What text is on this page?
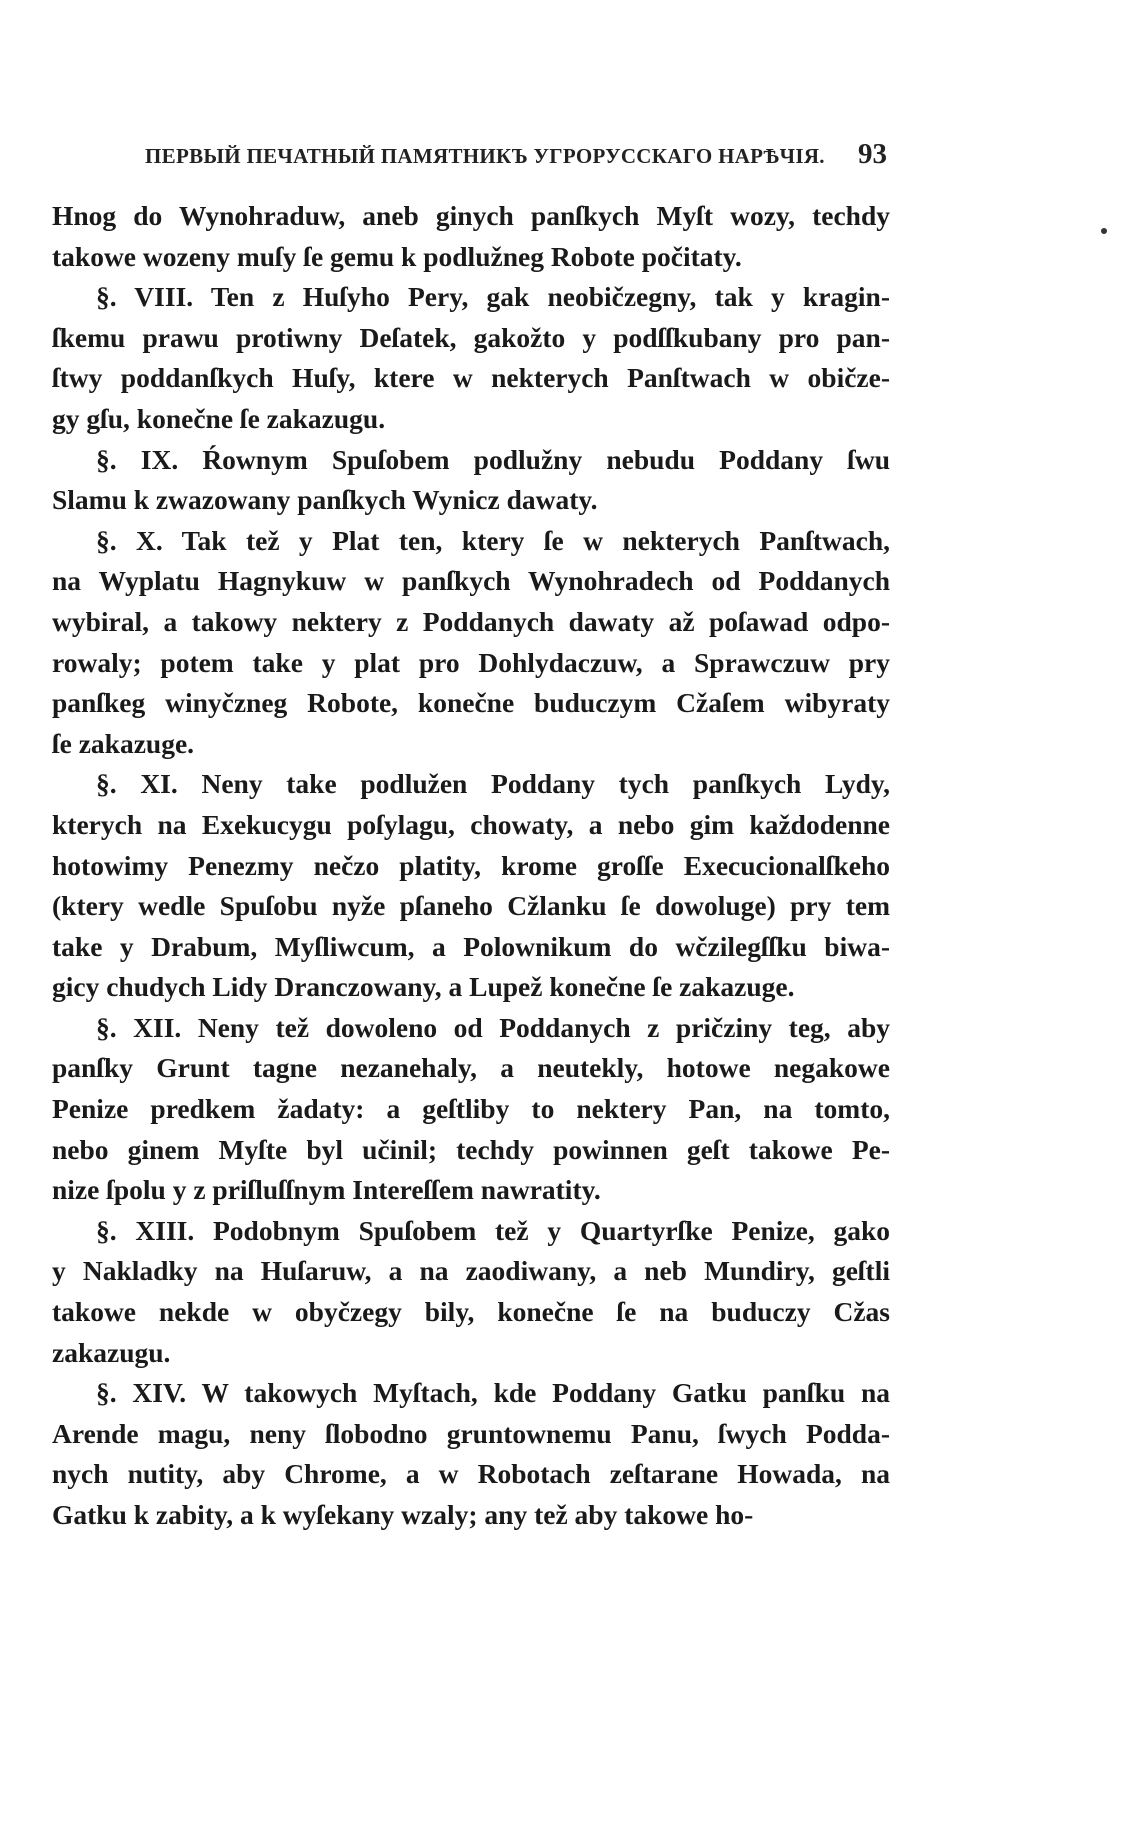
ПЕРВЫЙ ПЕЧАТНЫЙ ПАМЯТНИКЪ УГРОРУССКАГО НАРѢЧІЯ. 93
Hnog do Wynohraduw, aneb ginych panſkych Myſt wozy, techdy
takowe wozeny muſy ſe gemu k podlužneg Robote počitaty.
§. VIII. Ten z Huſyho Pery, gak neobičzegny, tak y kragin-
ſkemu prawu protiwny Deſatek, gakožto y podſſkubany pro pan-
ſtwy poddanſkych Huſy, ktere w nekterych Panſtwach w običze-
gy gſu, konečne ſe zakazugu.
§. IX. Ŕownym Spuſobem podlužny nebudu Poddany ſwu
Slamu k zwazowany panſkych Wynicz dawaty.
§. X. Tak tež y Plat ten, ktery ſe w nekterych Panſtwach,
na Wyplatu Hagnykuw w panſkych Wynohradech od Poddanych
wybiral, a takowy nektery z Poddanych dawaty až poſawad odpo-
rowaly; potem take y plat pro Dohlydaczuw, a Sprawczuw pry
panſkeg winyčzneg Robote, konečne buduczym Cžaſem wibyraty
ſe zakazuge.
§. XI. Neny take podlužen Poddany tych panſkych Lydy,
kterych na Exekucygu poſylagu, chowaty, a nebo gim každodenne
hotowimy Penezmy nečzo platity, krome groſſe Execucionalſkeho
(ktery wedle Spuſobu nyže pſaneho Cžlanku ſe dowoluge) pry tem
take y Drabum, Myſliwcum, a Polownikum do wčzilegſſku biwa-
gicy chudych Lidy Dranczowany, a Lupež konečne ſe zakazuge.
§. XII. Neny tež dowoleno od Poddanych z pričziny teg, aby
panſky Grunt tagne nezanehaly, a neutekly, hotowe negakowe
Penize predkem žadaty: a geſtliby to nektery Pan, na tomto,
nebo ginem Myſte byl učinil; techdy powinnen geſt takowe Pe-
nize ſpolu y z priſluſſnym Intereſſem nawratity.
§. XIII. Podobnym Spuſobem tež y Quartyrſke Penize, gako
y Nakladky na Huſaruw, a na zaodiwany, a neb Mundiry, geſtli
takowe nekde w obyčzegy bily, konečne ſe na buduczy Cžas
zakazugu.
§. XIV. W takowych Myſtach, kde Poddany Gatku panſku na
Arende magu, neny ſlobodno gruntownemu Panu, ſwych Podda-
nych nutity, aby Chrome, a w Robotach zeſtarane Howada, na
Gatku k zabity, a k wyſekany wzaly; any tež aby takowe ho-
